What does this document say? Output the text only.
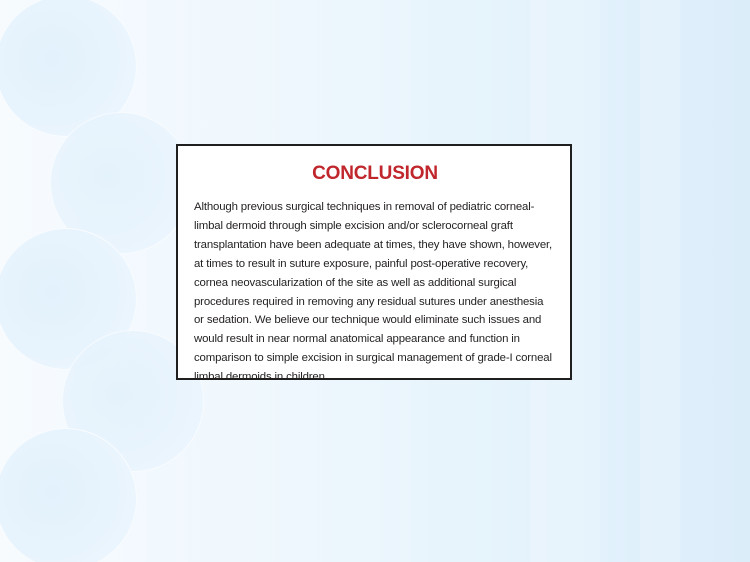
CONCLUSION

Although previous surgical techniques in removal of pediatric corneal-limbal dermoid through simple excision and/or sclerocorneal graft transplantation have been adequate at times, they have shown, however, at times to result in suture exposure, painful post-operative recovery, cornea neovascularization of the site as well as additional surgical procedures required in removing any residual sutures under anesthesia or sedation. We believe our technique would eliminate such issues and would result in near normal anatomical appearance and function in comparison to simple excision in surgical management of grade-I corneal limbal dermoids in children.
